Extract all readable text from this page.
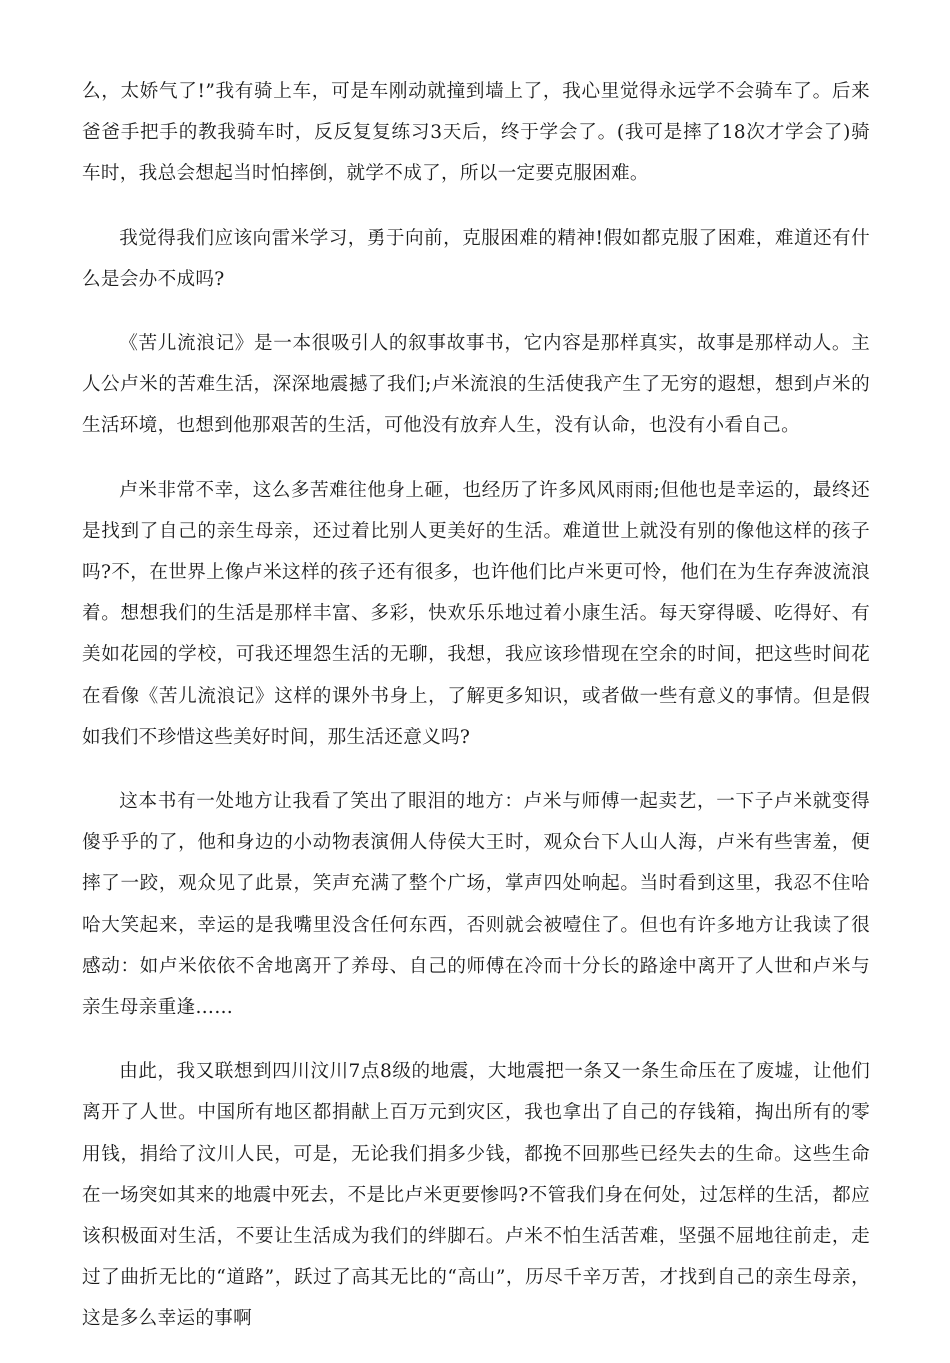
么，太娇气了!”我有骑上车，可是车刚动就撞到墙上了，我心里觉得永远学不会骑车了。后来爸爸手把手的教我骑车时，反反复复练习3天后，终于学会了。(我可是摔了18次才学会了)骑车时，我总会想起当时怕摔倒，就学不成了，所以一定要克服困难。

我觉得我们应该向雷米学习，勇于向前，克服困难的精神!假如都克服了困难，难道还有什么是会办不成吗?

《苦儿流浪记》是一本很吸引人的叙事故事书，它内容是那样真实，故事是那样动人。主人公卢米的苦难生活，深深地震撼了我们;卢米流浪的生活使我产生了无穷的遐想，想到卢米的生活环境，也想到他那艰苦的生活，可他没有放弃人生，没有认命，也没有小看自己。

卢米非常不幸，这么多苦难往他身上砸，也经历了许多风风雨雨;但他也是幸运的，最终还是找到了自己的亲生母亲，还过着比别人更美好的生活。难道世上就没有别的像他这样的孩子吗?不，在世界上像卢米这样的孩子还有很多，也许他们比卢米更可怜，他们在为生存奔波流浪着。想想我们的生活是那样丰富、多彩，快欢乐乐地过着小康生活。每天穿得暖、吃得好、有美如花园的学校，可我还埋怨生活的无聊，我想，我应该珍惜现在空余的时间，把这些时间花在看像《苦儿流浪记》这样的课外书身上，了解更多知识，或者做一些有意义的事情。但是假如我们不珍惜这些美好时间，那生活还意义吗?

这本书有一处地方让我看了笑出了眼泪的地方：卢米与师傅一起卖艺，一下子卢米就变得傻乎乎的了，他和身边的小动物表演佣人侍侯大王时，观众台下人山人海，卢米有些害羞，便摔了一跤，观众见了此景，笑声充满了整个广场，掌声四处响起。当时看到这里，我忍不住哈哈大笑起来，幸运的是我嘴里没含任何东西，否则就会被噎住了。但也有许多地方让我读了很感动：如卢米依依不舍地离开了养母、自己的师傅在冷而十分长的路途中离开了人世和卢米与亲生母亲重逢……

由此，我又联想到四川汶川7点8级的地震，大地震把一条又一条生命压在了废墟，让他们离开了人世。中国所有地区都捐献上百万元到灾区，我也拿出了自己的存钱箱，掏出所有的零用钱，捐给了汶川人民，可是，无论我们捐多少钱，都挽不回那些已经失去的生命。这些生命在一场突如其来的地震中死去，不是比卢米更要惨吗?不管我们身在何处，过怎样的生活，都应该积极面对生活，不要让生活成为我们的绊脚石。卢米不怕生活苦难，坚强不屈地往前走，走过了曲折无比的“道路”，跃过了高其无比的“高山”，历尽千辛万苦，才找到自己的亲生母亲，这是多么幸运的事啊
